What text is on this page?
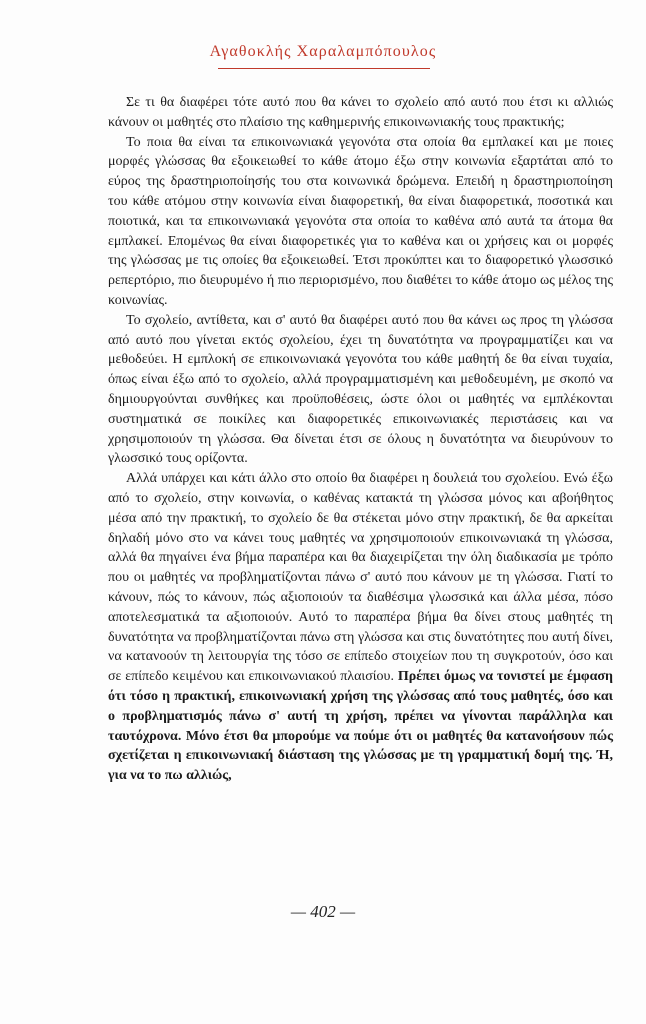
Αγαθοκλής Χαραλαμπόπουλος

Σε τι θα διαφέρει τότε αυτό που θα κάνει το σχολείο από αυτό που έτσι κι αλλιώς κάνουν οι μαθητές στο πλαίσιο της καθημερινής επικοινωνιακής τους πρακτικής;

Το ποια θα είναι τα επικοινωνιακά γεγονότα στα οποία θα εμπλακεί και με ποιες μορφές γλώσσας θα εξοικειωθεί το κάθε άτομο έξω στην κοινωνία εξαρτάται από το εύρος της δραστηριοποίησής του στα κοινωνικά δρώμενα. Επειδή η δραστηριοποίηση του κάθε ατόμου στην κοινωνία είναι διαφορετική, θα είναι διαφορετικά, ποσοτικά και ποιοτικά, και τα επικοινωνιακά γεγονότα στα οποία το καθένα από αυτά τα άτομα θα εμπλακεί. Επομένως θα είναι διαφορετικές για το καθένα και οι χρήσεις και οι μορφές της γλώσσας με τις οποίες θα εξοικειωθεί. Έτσι προκύπτει και το διαφορετικό γλωσσικό ρεπερτόριο, πιο διευρυμένο ή πιο περιορισμένο, που διαθέτει το κάθε άτομο ως μέλος της κοινωνίας.

Το σχολείο, αντίθετα, και σ' αυτό θα διαφέρει αυτό που θα κάνει ως προς τη γλώσσα από αυτό που γίνεται εκτός σχολείου, έχει τη δυνατότητα να προγραμματίζει και να μεθοδεύει. Η εμπλοκή σε επικοινωνιακά γεγονότα του κάθε μαθητή δε θα είναι τυχαία, όπως είναι έξω από το σχολείο, αλλά προγραμματισμένη και μεθοδευμένη, με σκοπό να δημιουργούνται συνθήκες και προϋποθέσεις, ώστε όλοι οι μαθητές να εμπλέκονται συστηματικά σε ποικίλες και διαφορετικές επικοινωνιακές περιστάσεις και να χρησιμοποιούν τη γλώσσα. Θα δίνεται έτσι σε όλους η δυνατότητα να διευρύνουν το γλωσσικό τους ορίζοντα.

Αλλά υπάρχει και κάτι άλλο στο οποίο θα διαφέρει η δουλειά του σχολείου. Ενώ έξω από το σχολείο, στην κοινωνία, ο καθένας κατακτά τη γλώσσα μόνος και αβοήθητος μέσα από την πρακτική, το σχολείο δε θα στέκεται μόνο στην πρακτική, δε θα αρκείται δηλαδή μόνο στο να κάνει τους μαθητές να χρησιμοποιούν επικοινωνιακά τη γλώσσα, αλλά θα πηγαίνει ένα βήμα παραπέρα και θα διαχειρίζεται την όλη διαδικασία με τρόπο που οι μαθητές να προβληματίζονται πάνω σ' αυτό που κάνουν με τη γλώσσα. Γιατί το κάνουν, πώς το κάνουν, πώς αξιοποιούν τα διαθέσιμα γλωσσικά και άλλα μέσα, πόσο αποτελεσματικά τα αξιοποιούν. Αυτό το παραπέρα βήμα θα δίνει στους μαθητές τη δυνατότητα να προβληματίζονται πάνω στη γλώσσα και στις δυνατότητες που αυτή δίνει, να κατανοούν τη λειτουργία της τόσο σε επίπεδο στοιχείων που τη συγκροτούν, όσο και σε επίπεδο κειμένου και επικοινωνιακού πλαισίου. Πρέπει όμως να τονιστεί με έμφαση ότι τόσο η πρακτική, επικοινωνιακή χρήση της γλώσσας από τους μαθητές, όσο και ο προβληματισμός πάνω σ' αυτή τη χρήση, πρέπει να γίνονται παράλληλα και ταυτόχρονα. Μόνο έτσι θα μπορούμε να πούμε ότι οι μαθητές θα κατανοήσουν πώς σχετίζεται η επικοινωνιακή διάσταση της γλώσσας με τη γραμματική δομή της. Ή, για να το πω αλλιώς,

— 402 —
